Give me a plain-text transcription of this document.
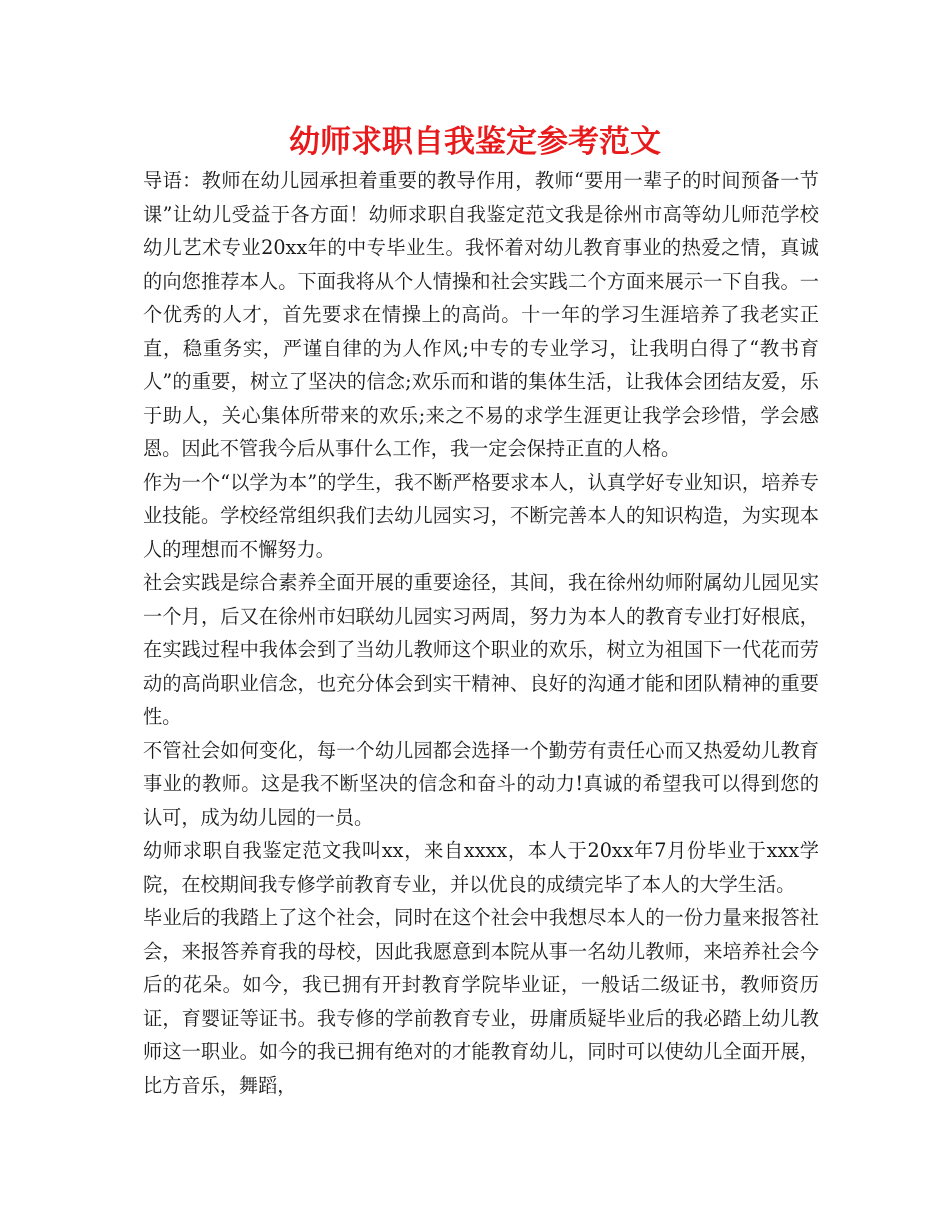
幼师求职自我鉴定参考范文

导语：教师在幼儿园承担着重要的教导作用，教师“要用一辈子的时间预备一节课”让幼儿受益于各方面！幼师求职自我鉴定范文我是徐州市高等幼儿师范学校幼儿艺术专业20xx年的中专毕业生。我怀着对幼儿教育事业的热爱之情，真诚的向您推荐本人。下面我将从个人情操和社会实践二个方面来展示一下自我。一个优秀的人才，首先要求在情操上的高尚。十一年的学习生涯培养了我老实正直，稳重务实，严谨自律的为人作风;中专的专业学习，让我明白得了“教书育人”的重要，树立了坚决的信念;欢乐而和谐的集体生活，让我体会团结友爱，乐于助人，关心集体所带来的欢乐;来之不易的求学生涯更让我学会珍惜，学会感恩。因此不管我今后从事什么工作，我一定会保持正直的人格。

作为一个“以学为本”的学生，我不断严格要求本人，认真学好专业知识，培养专业技能。学校经常组织我们去幼儿园实习，不断完善本人的知识构造，为实现本人的理想而不懈努力。

社会实践是综合素养全面开展的重要途径，其间，我在徐州幼师附属幼儿园见实一个月，后又在徐州市妇联幼儿园实习两周，努力为本人的教育专业打好根底，在实践过程中我体会到了当幼儿教师这个职业的欢乐，树立为祖国下一代花而劳动的高尚职业信念，也充分体会到实干精神、良好的沟通才能和团队精神的重要性。

不管社会如何变化，每一个幼儿园都会选择一个勤劳有责任心而又热爱幼儿教育事业的教师。这是我不断坚决的信念和奋斗的动力!真诚的希望我可以得到您的认可，成为幼儿园的一员。

幼师求职自我鉴定范文我叫xx，来自xxxx，本人于20xx年7月份毕业于xxx学院，在校期间我专修学前教育专业，并以优良的成绩完毕了本人的大学生活。

毕业后的我踏上了这个社会，同时在这个社会中我想尽本人的一份力量来报答社会，来报答养育我的母校，因此我愿意到本院从事一名幼儿教师，来培养社会今后的花朵。如今，我已拥有开封教育学院毕业证，一般话二级证书，教师资历证，育婴证等证书。我专修的学前教育专业，毋庸质疑毕业后的我必踏上幼儿教师这一职业。如今的我已拥有绝对的才能教育幼儿，同时可以使幼儿全面开展，比方音乐，舞蹈，
